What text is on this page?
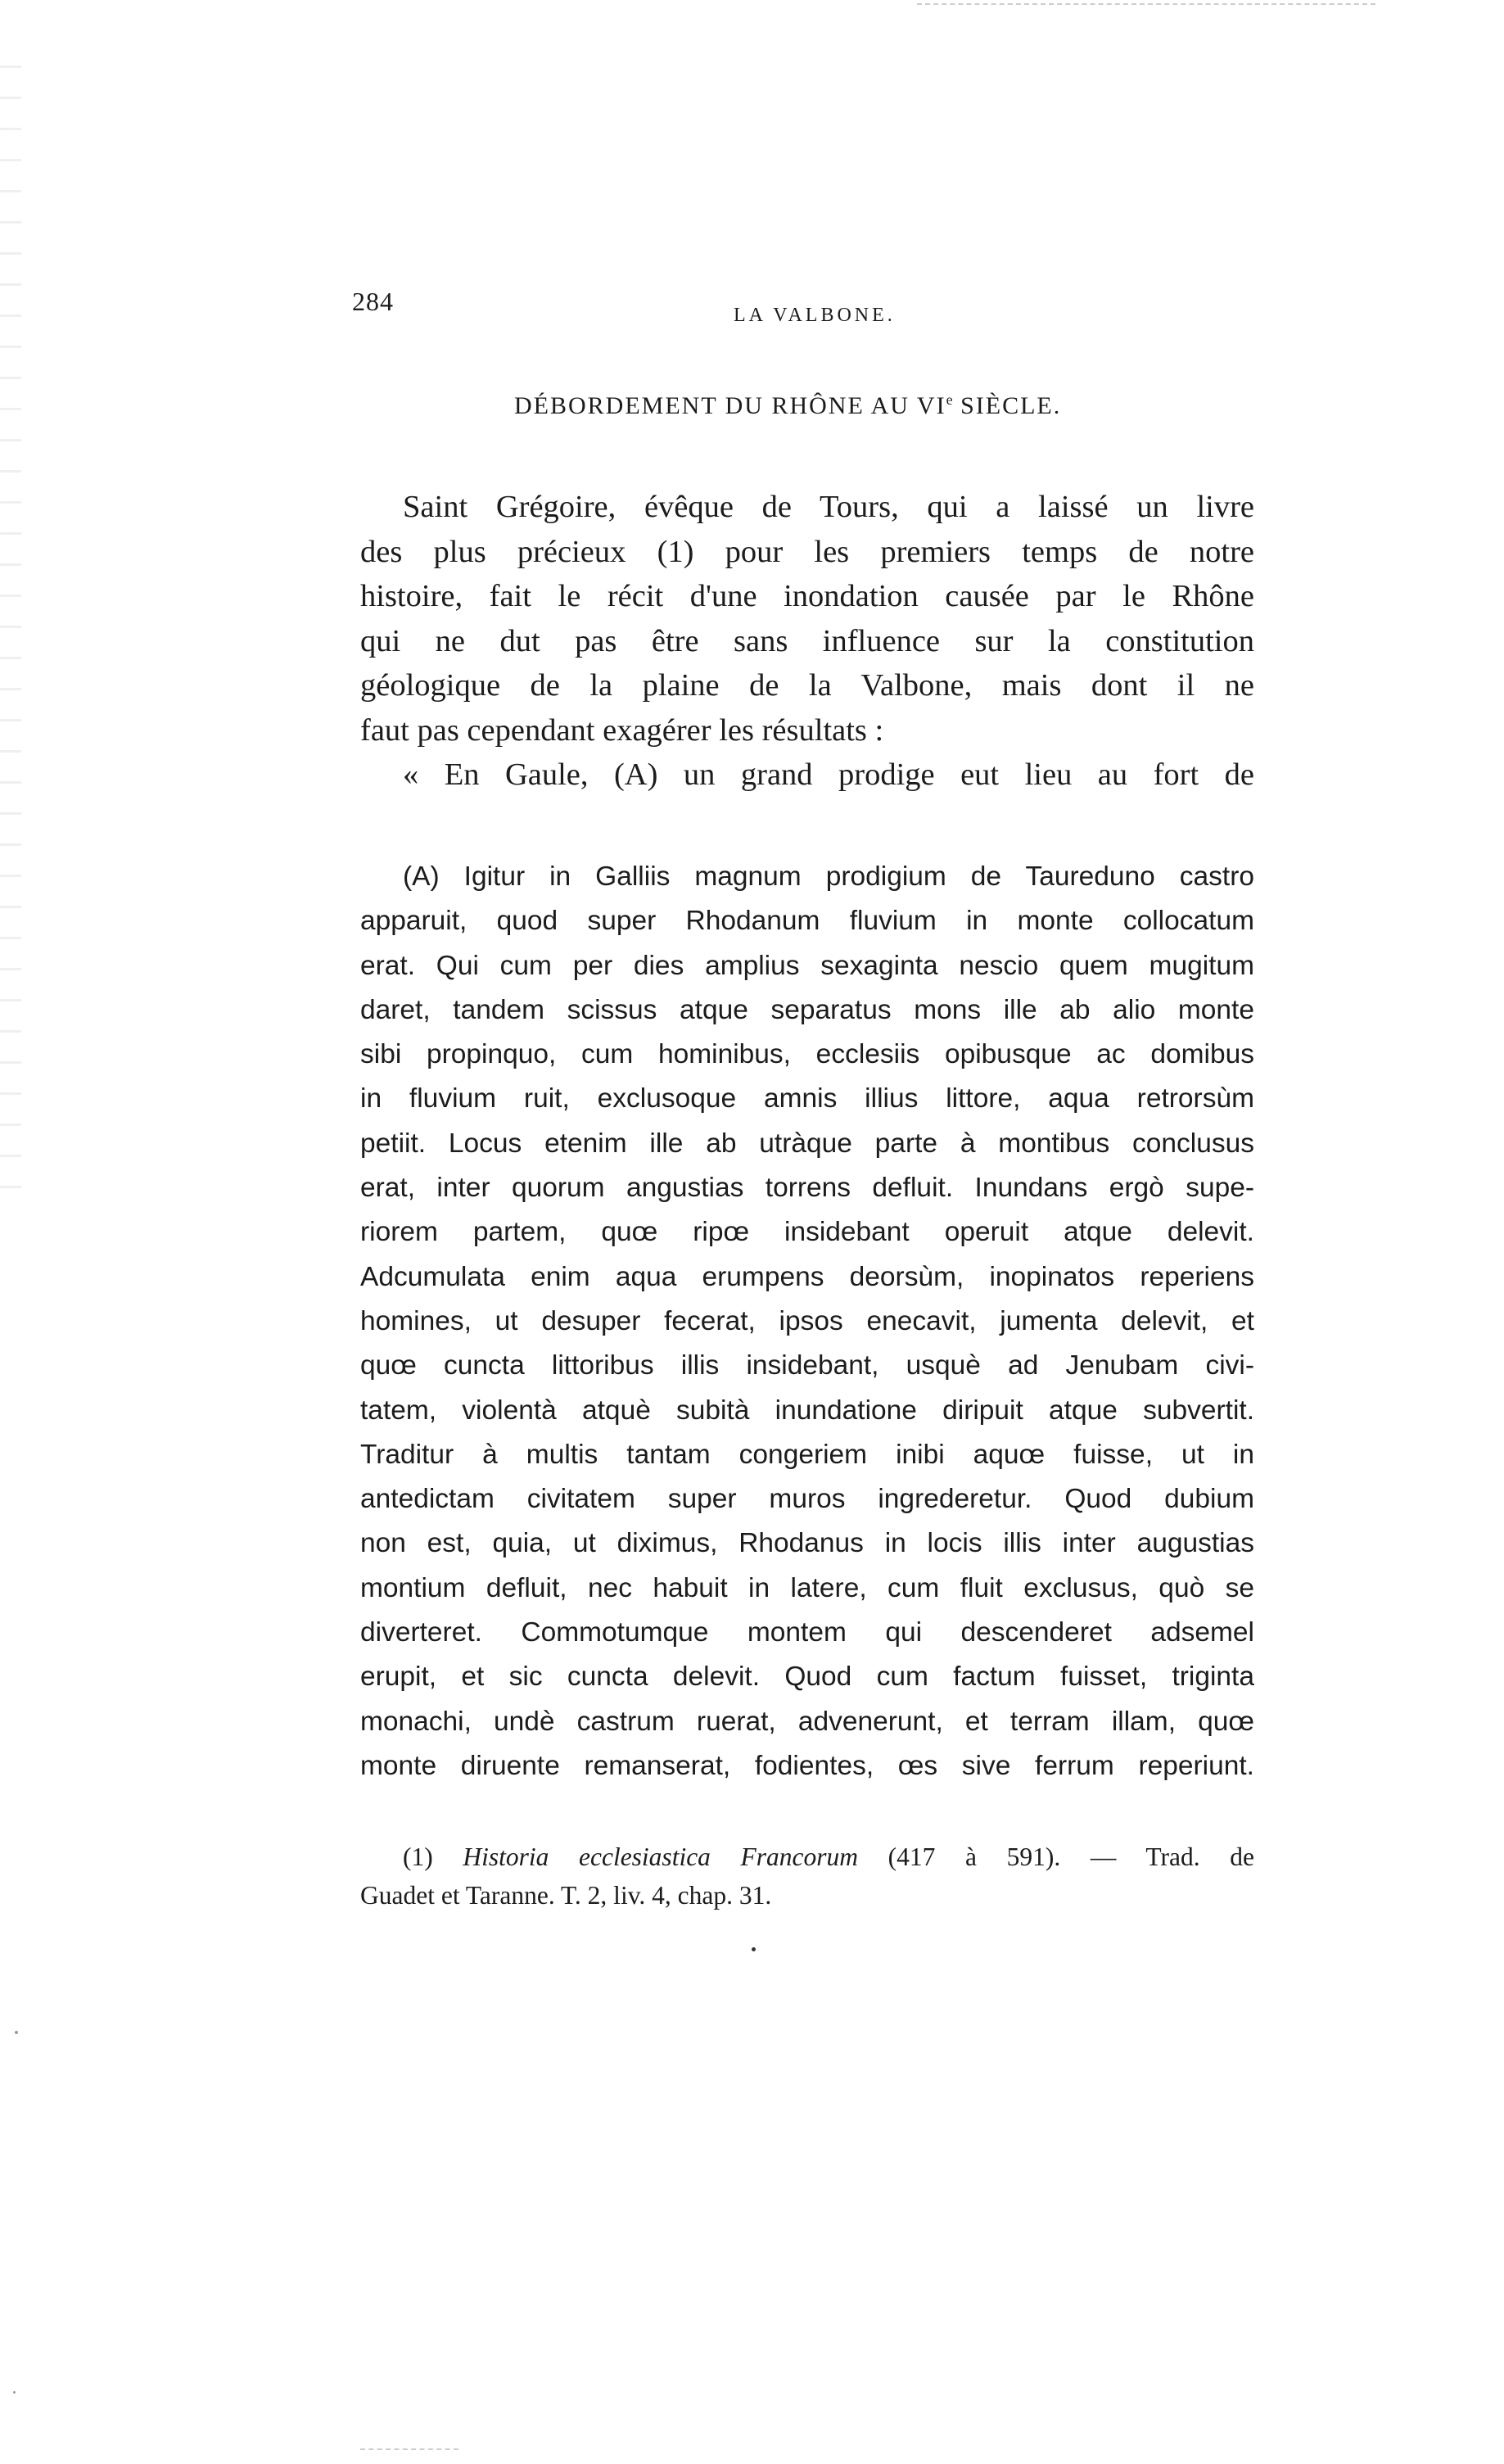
284	LA VALBONE.
DÉBORDEMENT DU RHÔNE AU VIe SIÈCLE.
Saint Grégoire, évêque de Tours, qui a laissé un livre
des plus précieux (1) pour les premiers temps de notre
histoire, fait le récit d'une inondation causée par le Rhône
qui ne dut pas être sans influence sur la constitution
géologique de la plaine de la Valbone, mais dont il ne
faut pas cependant exagérer les résultats :
« En Gaule, (A) un grand prodige eut lieu au fort de
(A) Igitur in Galliis magnum prodigium de Taureduno castro
apparuit, quod super Rhodanum fluvium in monte collocatum
erat. Qui cum per dies amplius sexaginta nescio quem mugitum
daret, tandem scissus atque separatus mons ille ab alio monte
sibi propinquo, cum hominibus, ecclesiis opibusque ac domibus
in fluvium ruit, exclusoque amnis illius littore, aqua retrorsùm
petiit. Locus etenim ille ab utràque parte à montibus conclusus
erat, inter quorum angustias torrens defluit. Inundans ergò supe-
riorem partem, quœ ripœ insidebant operuit atque delevit.
Adcumulata enim aqua erumpens deorsùm, inopinatos reperiens
homines, ut desuper fecerat, ipsos enecavit, jumenta delevit, et
quœ cuncta littoribus illis insidebant, usquè ad Jenubam civi-
tatem, violentà atquè subità inundatione diripuit atque subvertit.
Traditur à multis tantam congeriem inibi aquœ fuisse, ut in
antedictam civitatem super muros ingrederetur. Quod dubium
non est, quia, ut diximus, Rhodanus in locis illis inter augustias
montium defluit, nec habuit in latere, cum fluit exclusus, quò se
diverteret. Commotumque montem qui descenderet adsemel
erupit, et sic cuncta delevit. Quod cum factum fuisset, triginta
monachi, undè castrum ruerat, advenerunt, et terram illam, quœ
monte diruente remanserat, fodientes, œs sive ferrum reperiunt.
(1) Historia ecclesiastica Francorum (417 à 591). — Trad. de
Guadet et Taranne. T. 2, liv. 4, chap. 31.
